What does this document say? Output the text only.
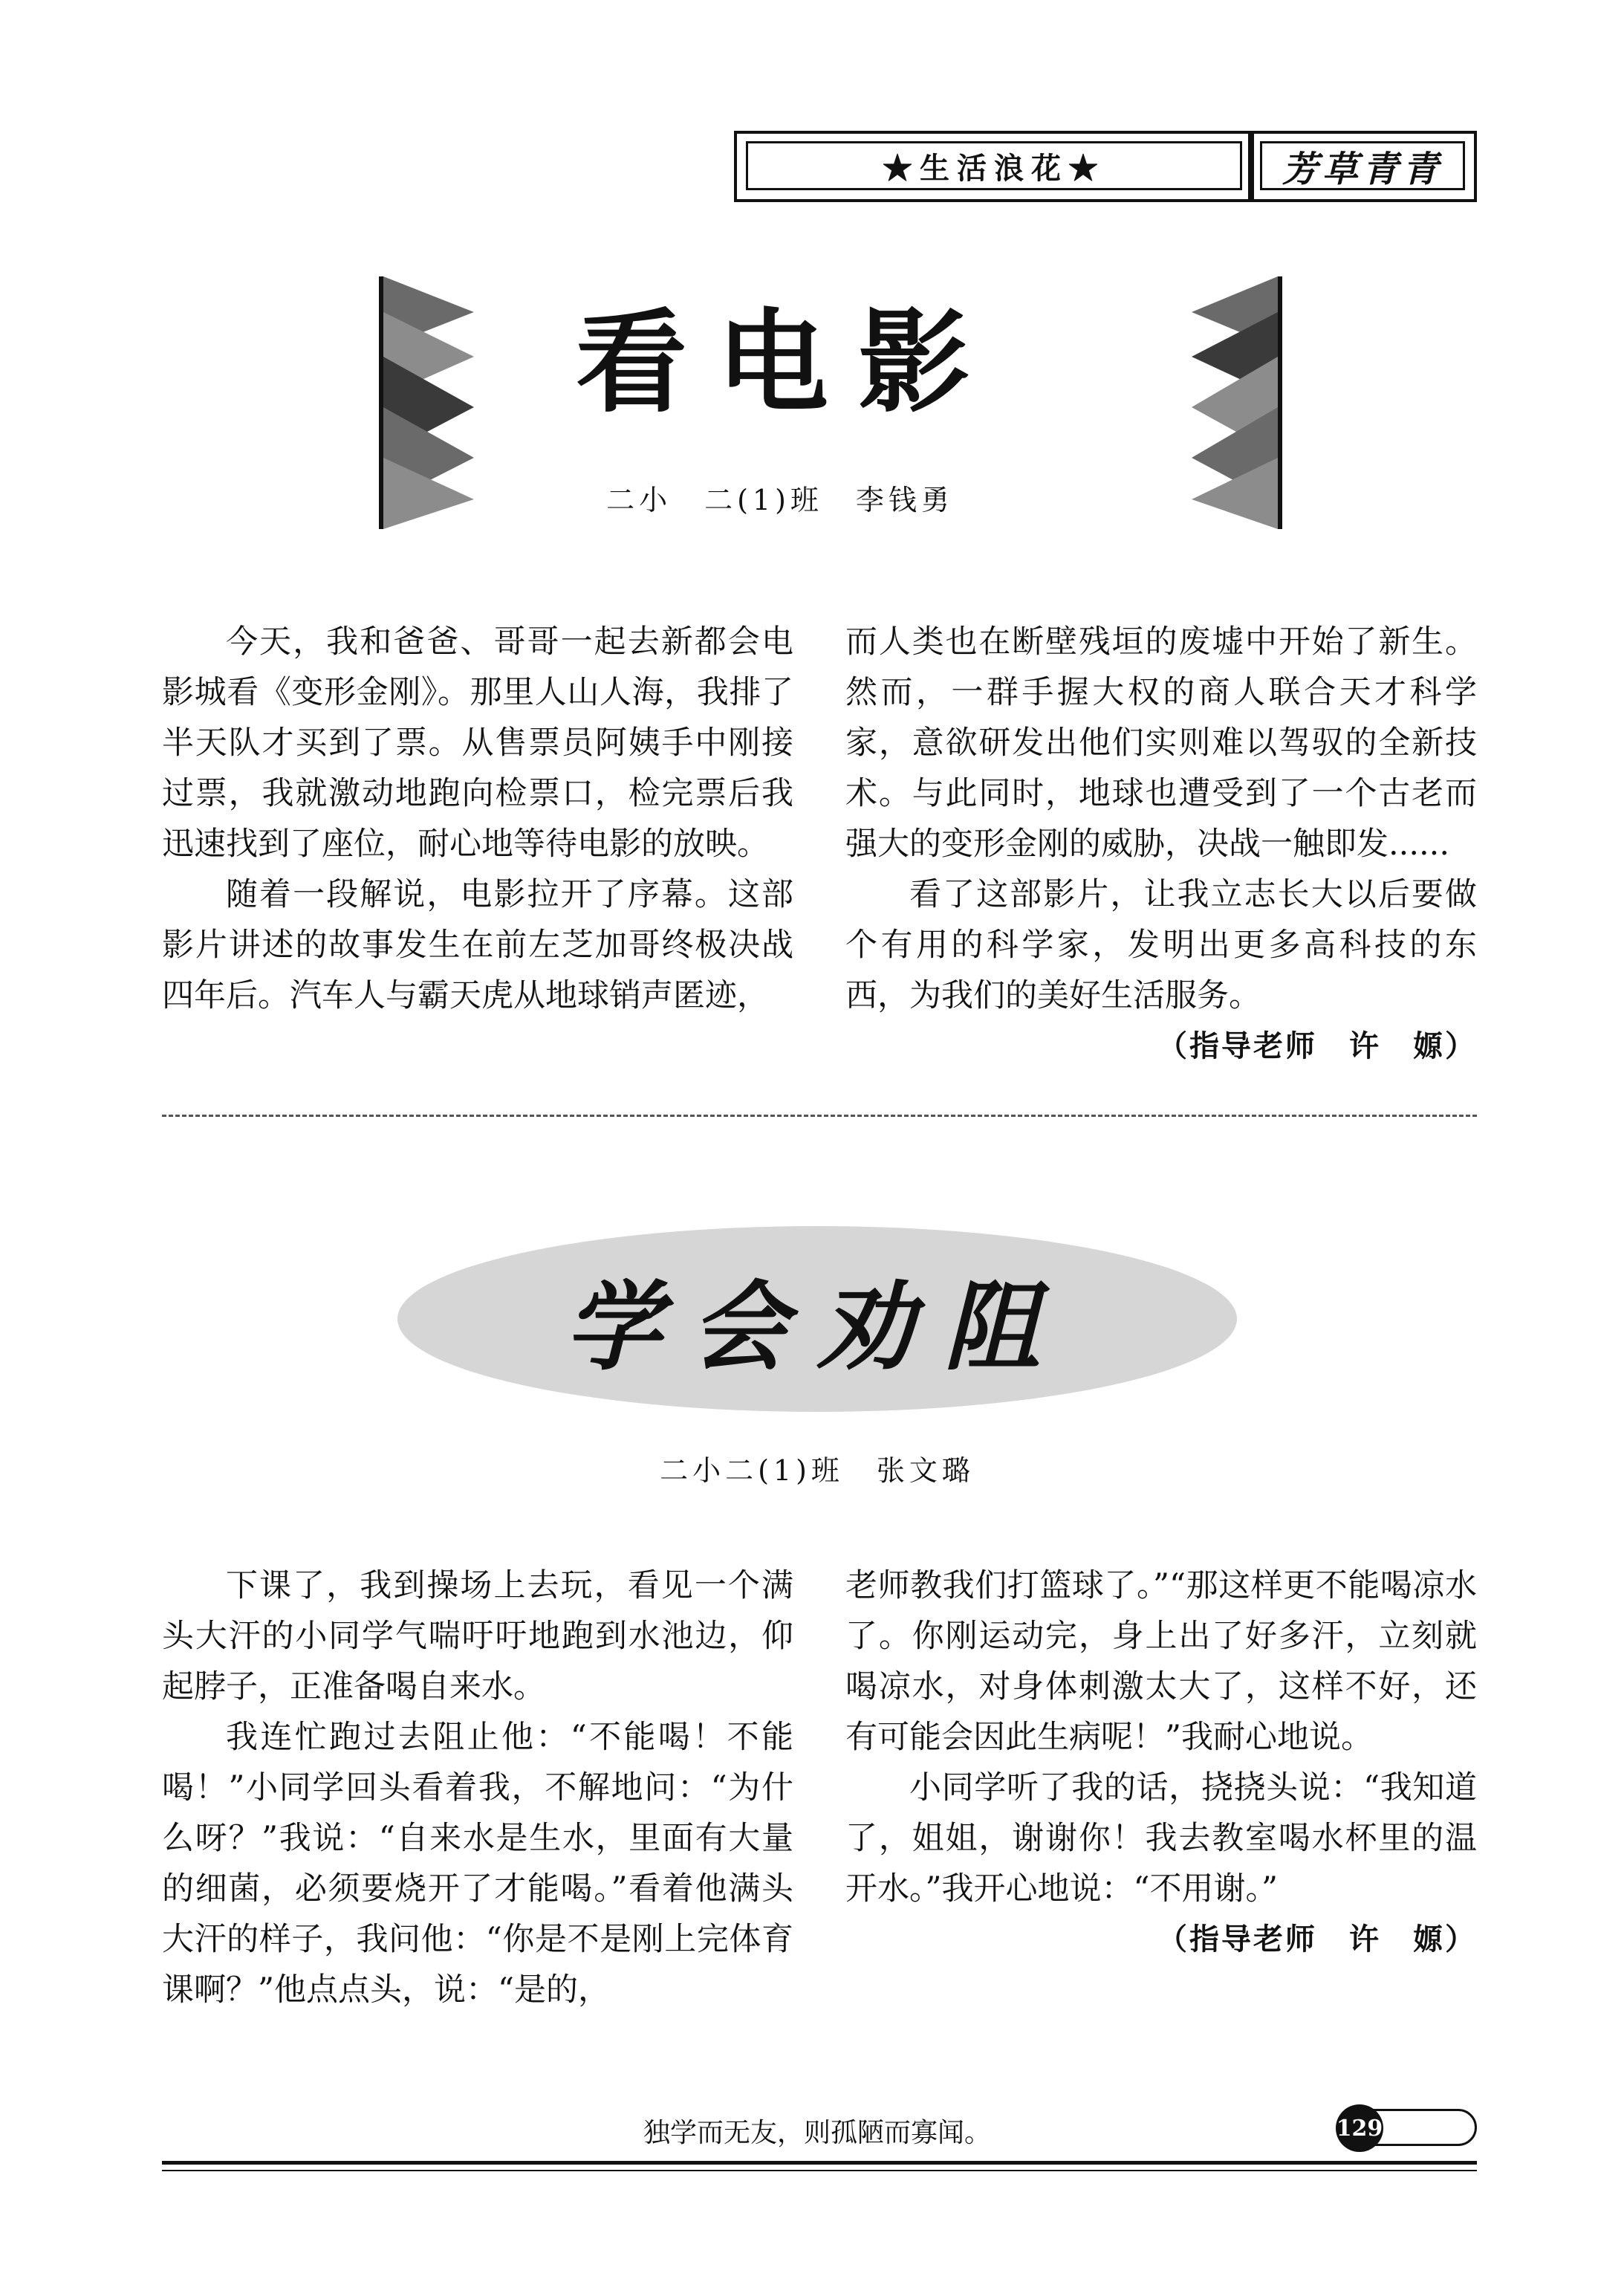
★生活浪花★	芳草青青
看电影
二小　二(1)班　李钱勇

今天，我和爸爸、哥哥一起去新都会电影城看《变形金刚》。那里人山人海，我排了半天队才买到了票。从售票员阿姨手中刚接过票，我就激动地跑向检票口，检完票后我迅速找到了座位，耐心地等待电影的放映。

随着一段解说，电影拉开了序幕。这部影片讲述的故事发生在前左芝加哥终极决战四年后。汽车人与霸天虎从地球销声匿迹，

而人类也在断壁残垣的废墟中开始了新生。然而，一群手握大权的商人联合天才科学家，意欲研发出他们实则难以驾驭的全新技术。与此同时，地球也遭受到了一个古老而强大的变形金刚的威胁，决战一触即发......

看了这部影片，让我立志长大以后要做个有用的科学家，发明出更多高科技的东西，为我们的美好生活服务。

（指导老师　许　嫄）

学会劝阻
二小二(1)班　张文璐

下课了，我到操场上去玩，看见一个满头大汗的小同学气喘吁吁地跑到水池边，仰起脖子，正准备喝自来水。

我连忙跑过去阻止他：“不能喝！不能喝！”小同学回头看着我，不解地问：“为什么呀？”我说：“自来水是生水，里面有大量的细菌，必须要烧开了才能喝。”看着他满头大汗的样子，我问他：“你是不是刚上完体育课啊？”他点点头，说：“是的，

老师教我们打篮球了。”“那这样更不能喝凉水了。你刚运动完，身上出了好多汗，立刻就喝凉水，对身体刺激太大了，这样不好，还有可能会因此生病呢！”我耐心地说。

小同学听了我的话，挠挠头说：“我知道了，姐姐，谢谢你！我去教室喝水杯里的温开水。”我开心地说：“不用谢。”

（指导老师　许　嫄）

独学而无友，则孤陋而寡闻。	129
